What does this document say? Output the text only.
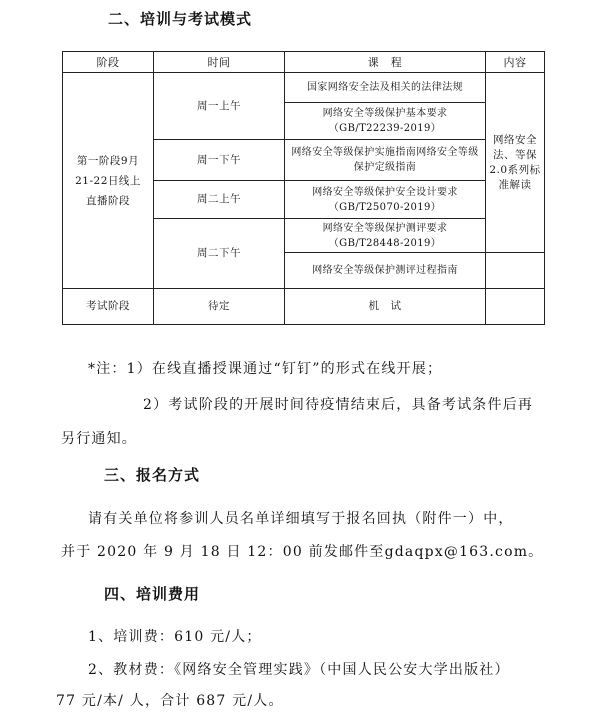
二、培训与考试模式
阶段	时间	课　程	内容
第一阶段9月21-22日线上直播阶段	周一上午	国家网络安全法及相关的法律法规	网络安全法、等保2.0系列标准解读
		网络安全等级保护基本要求（GB/T22239-2019）	
	周一下午	网络安全等级保护实施指南网络安全等级保护定级指南	
	周二上午	网络安全等级保护安全设计要求（GB/T25070-2019）	
	周二下午	网络安全等级保护测评要求（GB/T28448-2019）	
		网络安全等级保护测评过程指南	
考试阶段	待定	机　试	
*注：1）在线直播授课通过“钉钉”的形式在线开展；
2）考试阶段的开展时间待疫情结束后，具备考试条件后再
另行通知。
三、报名方式
请有关单位将参训人员名单详细填写于报名回执（附件一）中，
并于 2020 年 9 月 18 日 12：00 前发邮件至gdaqpx@163.com。
四、培训费用
1、培训费：610 元/人；
2、教材费：《网络安全管理实践》（中国人民公安大学出版社）
77 元/本/ 人，合计 687 元/人。
